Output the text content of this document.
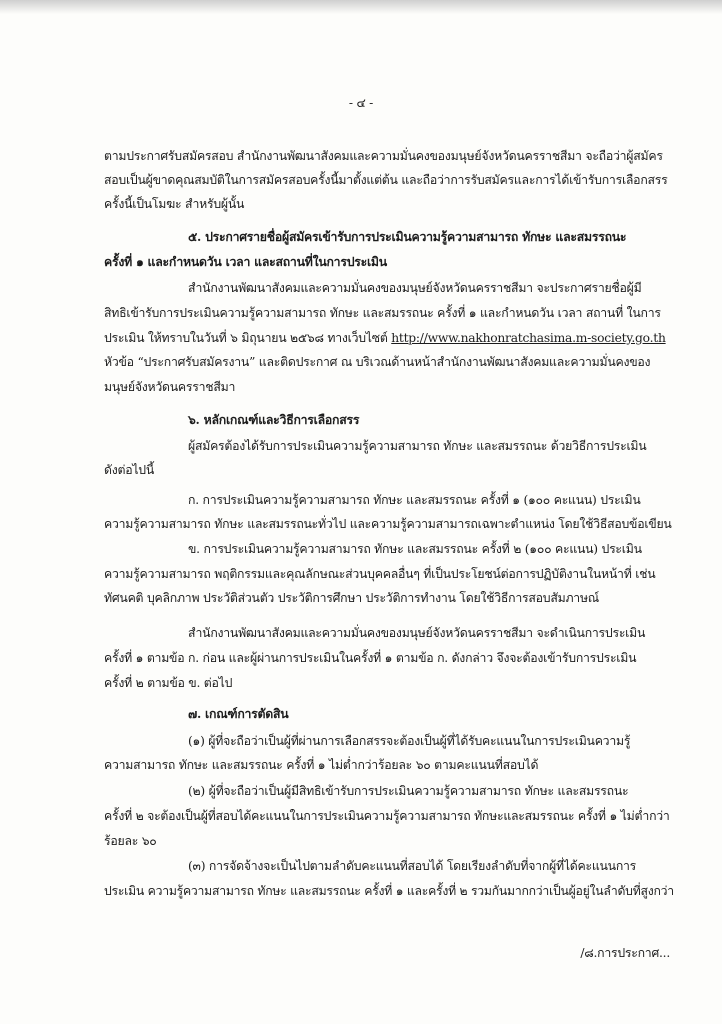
- ๔ -
ตามประกาศรับสมัครสอบ สำนักงานพัฒนาสังคมและความมั่นคงของมนุษย์จังหวัดนครราชสีมา จะถือว่าผู้สมัคร
สอบเป็นผู้ขาดคุณสมบัติในการสมัครสอบครั้งนี้มาตั้งแต่ต้น และถือว่าการรับสมัครและการได้เข้ารับการเลือกสรร
ครั้งนี้เป็นโมฆะ สำหรับผู้นั้น
๕. ประกาศรายชื่อผู้สมัครเข้ารับการประเมินความรู้ความสามารถ ทักษะ และสมรรถนะ
ครั้งที่ ๑ และกำหนดวัน เวลา และสถานที่ในการประเมิน
สำนักงานพัฒนาสังคมและความมั่นคงของมนุษย์จังหวัดนครราชสีมา จะประกาศรายชื่อผู้มี
สิทธิเข้ารับการประเมินความรู้ความสามารถ ทักษะ และสมรรถนะ ครั้งที่ ๑ และกำหนดวัน เวลา สถานที่ ในการ
ประเมิน ให้ทราบในวันที่ ๖ มิถุนายน ๒๕๖๘ ทางเว็บไซต์ http://www.nakhonratchasima.m-society.go.th
หัวข้อ “ประกาศรับสมัครงาน” และติดประกาศ ณ บริเวณด้านหน้าสำนักงานพัฒนาสังคมและความมั่นคงของ
มนุษย์จังหวัดนครราชสีมา
๖. หลักเกณฑ์และวิธีการเลือกสรร
ผู้สมัครต้องได้รับการประเมินความรู้ความสามารถ ทักษะ และสมรรถนะ ด้วยวิธีการประเมิน
ดังต่อไปนี้
ก. การประเมินความรู้ความสามารถ ทักษะ และสมรรถนะ ครั้งที่ ๑ (๑๐๐ คะแนน) ประเมิน
ความรู้ความสามารถ ทักษะ และสมรรถนะทั่วไป และความรู้ความสามารถเฉพาะตำแหน่ง โดยใช้วิธีสอบข้อเขียน
ข. การประเมินความรู้ความสามารถ ทักษะ และสมรรถนะ ครั้งที่ ๒ (๑๐๐ คะแนน) ประเมิน
ความรู้ความสามารถ พฤติกรรมและคุณลักษณะส่วนบุคคลอื่นๆ ที่เป็นประโยชน์ต่อการปฏิบัติงานในหน้าที่ เช่น
ทัศนคติ บุคลิกภาพ ประวัติส่วนตัว ประวัติการศึกษา ประวัติการทำงาน โดยใช้วิธีการสอบสัมภาษณ์
สำนักงานพัฒนาสังคมและความมั่นคงของมนุษย์จังหวัดนครราชสีมา จะดำเนินการประเมิน
ครั้งที่ ๑ ตามข้อ ก. ก่อน และผู้ผ่านการประเมินในครั้งที่ ๑ ตามข้อ ก. ดังกล่าว จึงจะต้องเข้ารับการประเมิน
ครั้งที่ ๒ ตามข้อ ข. ต่อไป
๗. เกณฑ์การตัดสิน
(๑) ผู้ที่จะถือว่าเป็นผู้ที่ผ่านการเลือกสรรจะต้องเป็นผู้ที่ได้รับคะแนนในการประเมินความรู้
ความสามารถ ทักษะ และสมรรถนะ ครั้งที่ ๑ ไม่ต่ำกว่าร้อยละ ๖๐ ตามคะแนนที่สอบได้
(๒) ผู้ที่จะถือว่าเป็นผู้มีสิทธิเข้ารับการประเมินความรู้ความสามารถ ทักษะ และสมรรถนะ
ครั้งที่ ๒ จะต้องเป็นผู้ที่สอบได้คะแนนในการประเมินความรู้ความสามารถ ทักษะและสมรรถนะ ครั้งที่ ๑ ไม่ต่ำกว่า
ร้อยละ ๖๐
(๓) การจัดจ้างจะเป็นไปตามลำดับคะแนนที่สอบได้ โดยเรียงลำดับที่จากผู้ที่ได้คะแนนการ
ประเมิน ความรู้ความสามารถ ทักษะ และสมรรถนะ ครั้งที่ ๑ และครั้งที่ ๒ รวมกันมากกว่าเป็นผู้อยู่ในลำดับที่สูงกว่า
/๘.การประกาศ...
